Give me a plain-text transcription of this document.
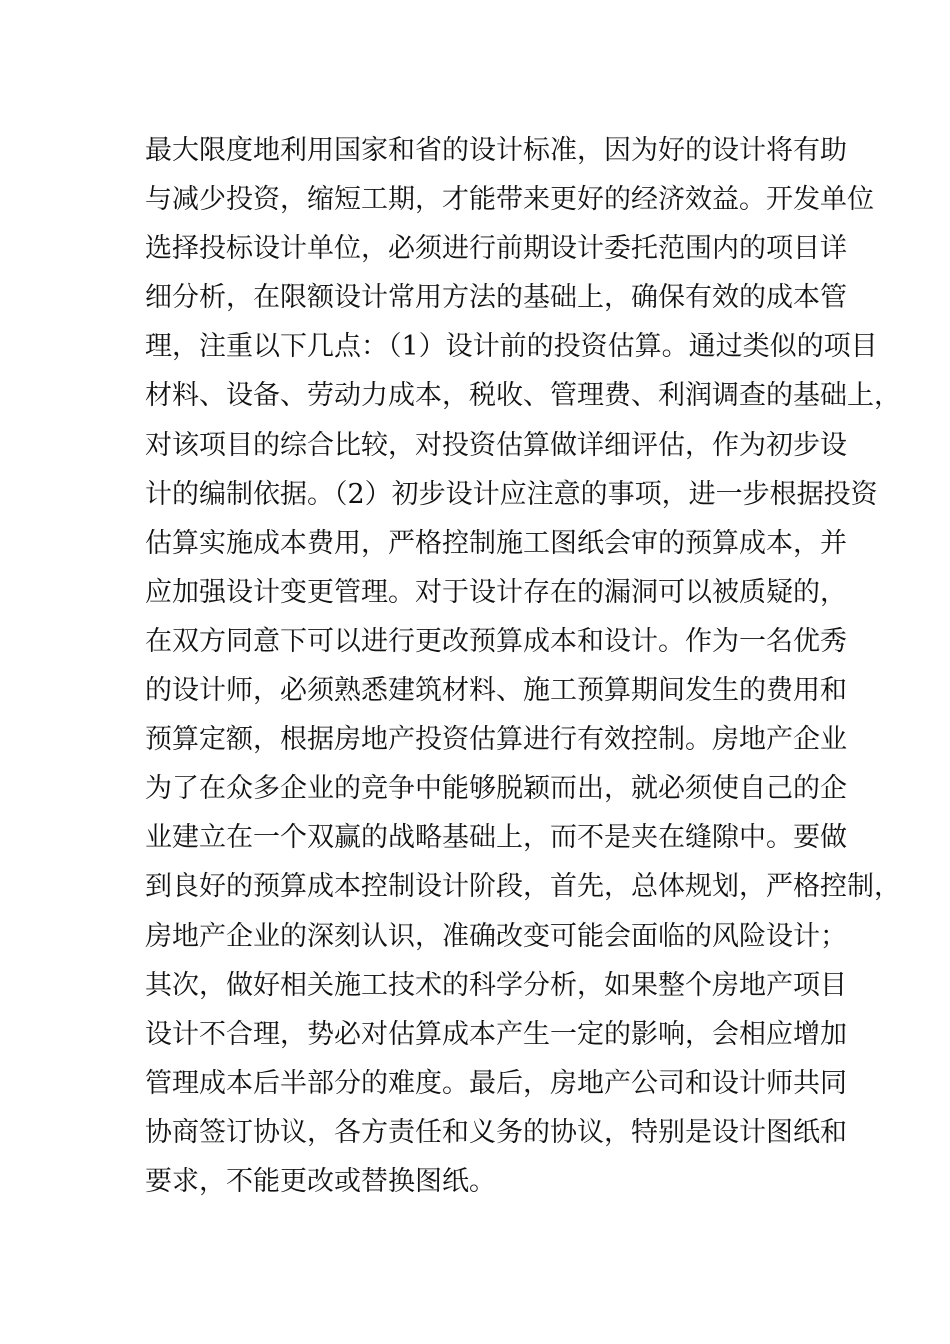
最大限度地利用国家和省的设计标准，因为好的设计将有助
与减少投资，缩短工期，才能带来更好的经济效益。开发单位
选择投标设计单位，必须进行前期设计委托范围内的项目详
细分析，在限额设计常用方法的基础上，确保有效的成本管
理，注重以下几点：（1）设计前的投资估算。通过类似的项目
材料、设备、劳动力成本，税收、管理费、利润调查的基础上，
对该项目的综合比较，对投资估算做详细评估，作为初步设
计的编制依据。（2）初步设计应注意的事项，进一步根据投资
估算实施成本费用，严格控制施工图纸会审的预算成本，并
应加强设计变更管理。对于设计存在的漏洞可以被质疑的，
在双方同意下可以进行更改预算成本和设计。作为一名优秀
的设计师，必须熟悉建筑材料、施工预算期间发生的费用和
预算定额，根据房地产投资估算进行有效控制。房地产企业
为了在众多企业的竞争中能够脱颖而出，就必须使自己的企
业建立在一个双赢的战略基础上，而不是夹在缝隙中。要做
到良好的预算成本控制设计阶段，首先，总体规划，严格控制，
房地产企业的深刻认识，准确改变可能会面临的风险设计；
其次，做好相关施工技术的科学分析，如果整个房地产项目
设计不合理，势必对估算成本产生一定的影响，会相应增加
管理成本后半部分的难度。最后，房地产公司和设计师共同
协商签订协议，各方责任和义务的协议，特别是设计图纸和
要求，不能更改或替换图纸。
